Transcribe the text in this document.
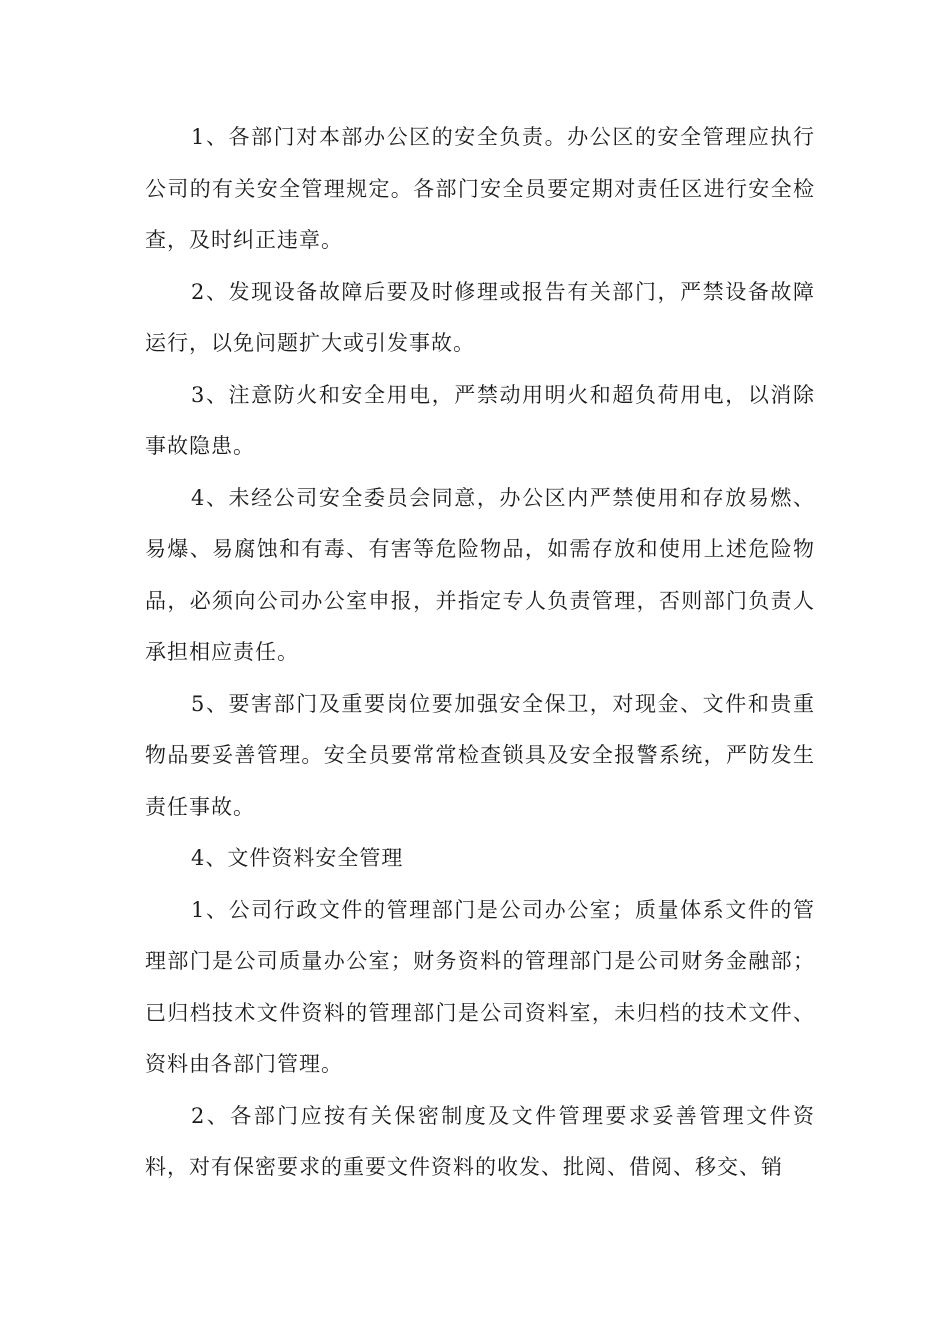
1、各部门对本部办公区的安全负责。办公区的安全管理应执行公司的有关安全管理规定。各部门安全员要定期对责任区进行安全检查，及时纠正违章。

2、发现设备故障后要及时修理或报告有关部门，严禁设备故障运行，以免问题扩大或引发事故。

3、注意防火和安全用电，严禁动用明火和超负荷用电，以消除事故隐患。

4、未经公司安全委员会同意，办公区内严禁使用和存放易燃、易爆、易腐蚀和有毒、有害等危险物品，如需存放和使用上述危险物品，必须向公司办公室申报，并指定专人负责管理，否则部门负责人承担相应责任。

5、要害部门及重要岗位要加强安全保卫，对现金、文件和贵重物品要妥善管理。安全员要常常检查锁具及安全报警系统，严防发生责任事故。

4、文件资料安全管理

1、公司行政文件的管理部门是公司办公室；质量体系文件的管理部门是公司质量办公室；财务资料的管理部门是公司财务金融部；已归档技术文件资料的管理部门是公司资料室，未归档的技术文件、资料由各部门管理。

2、各部门应按有关保密制度及文件管理要求妥善管理文件资料，对有保密要求的重要文件资料的收发、批阅、借阅、移交、销
